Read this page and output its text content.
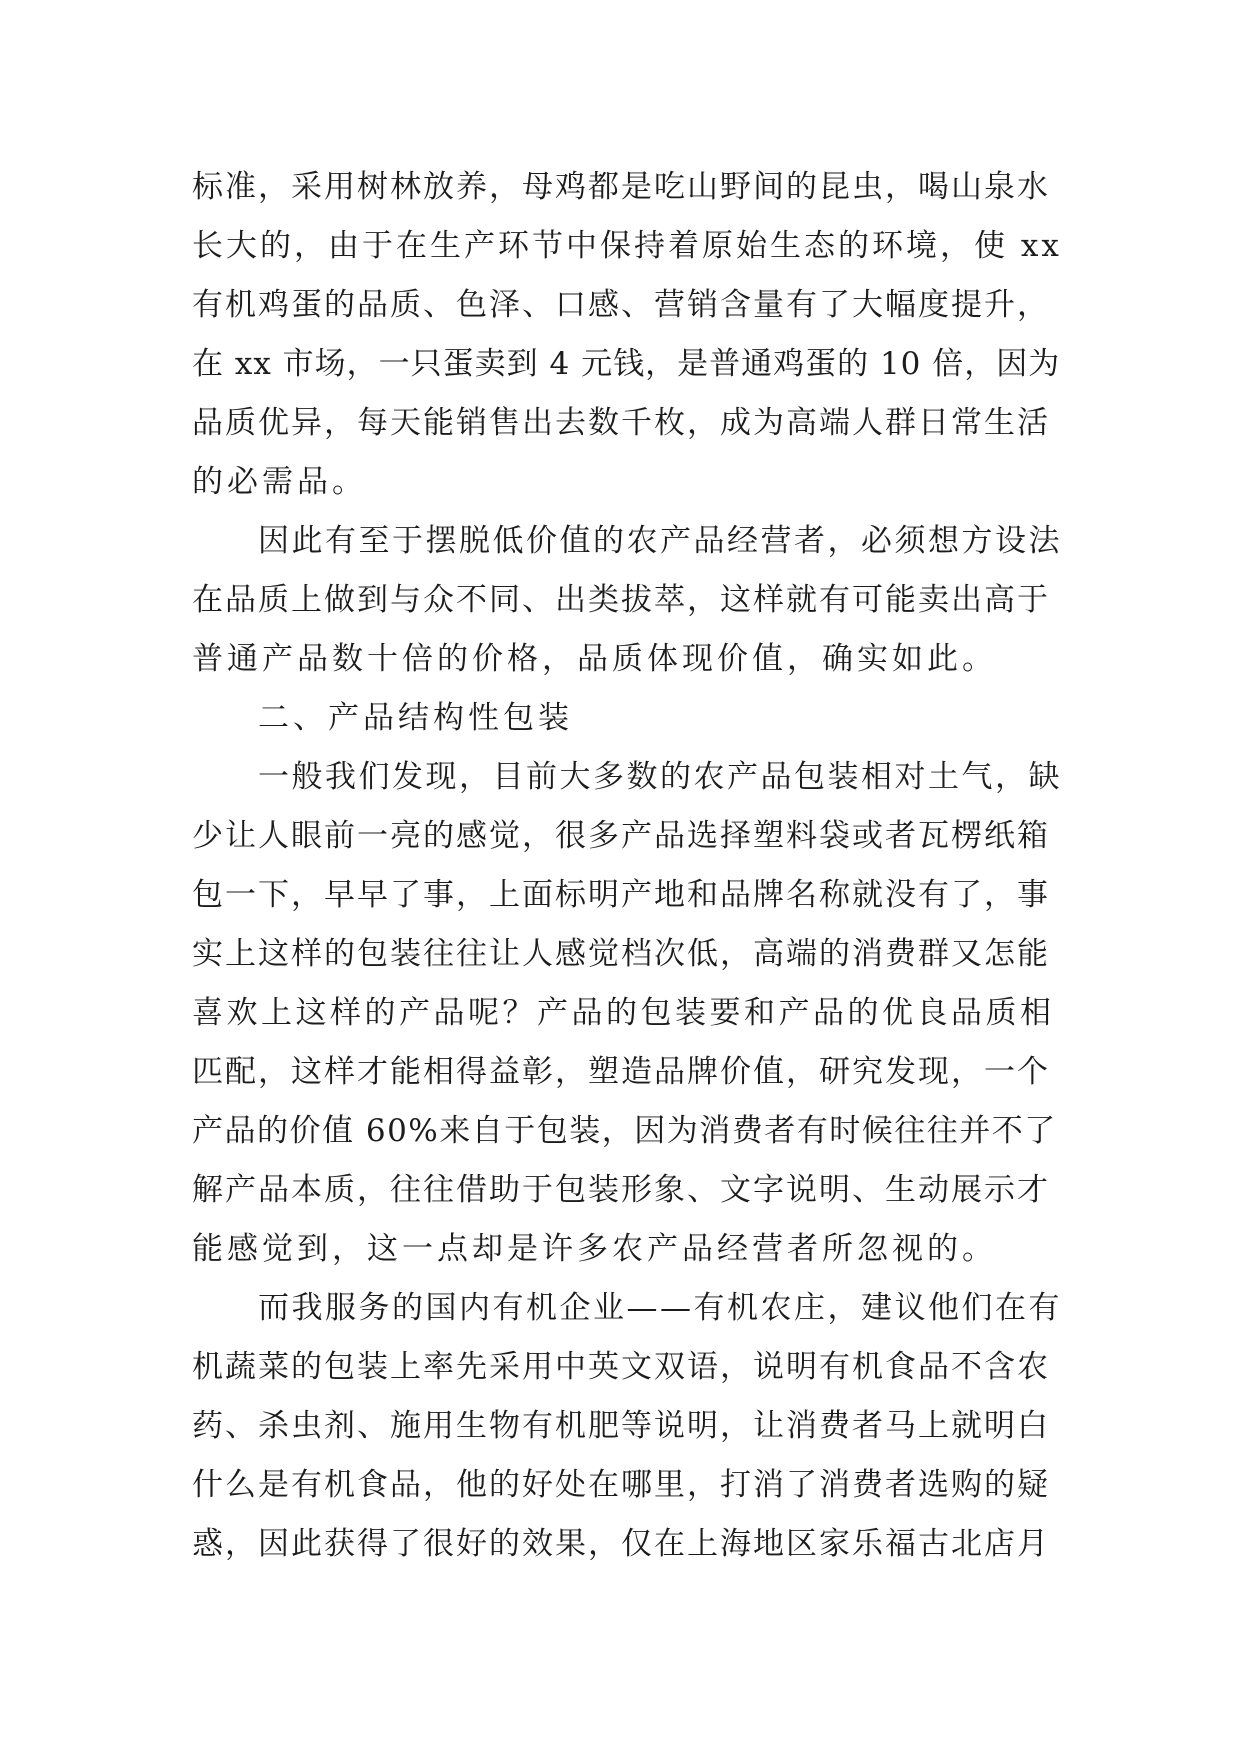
标准，采用树林放养，母鸡都是吃山野间的昆虫，喝山泉水
长大的，由于在生产环节中保持着原始生态的环境，使 xx
有机鸡蛋的品质、色泽、口感、营销含量有了大幅度提升，
在 xx 市场，一只蛋卖到 4 元钱，是普通鸡蛋的 10 倍，因为
品质优异，每天能销售出去数千枚，成为高端人群日常生活
的必需品。
因此有至于摆脱低价值的农产品经营者，必须想方设法
在品质上做到与众不同、出类拔萃，这样就有可能卖出高于
普通产品数十倍的价格，品质体现价值，确实如此。
二、产品结构性包装
一般我们发现，目前大多数的农产品包装相对土气，缺
少让人眼前一亮的感觉，很多产品选择塑料袋或者瓦楞纸箱
包一下，早早了事，上面标明产地和品牌名称就没有了，事
实上这样的包装往往让人感觉档次低，高端的消费群又怎能
喜欢上这样的产品呢？产品的包装要和产品的优良品质相
匹配，这样才能相得益彰，塑造品牌价值，研究发现，一个
产品的价值 60%来自于包装，因为消费者有时候往往并不了
解产品本质，往往借助于包装形象、文字说明、生动展示才
能感觉到，这一点却是许多农产品经营者所忽视的。
而我服务的国内有机企业——有机农庄，建议他们在有
机蔬菜的包装上率先采用中英文双语，说明有机食品不含农
药、杀虫剂、施用生物有机肥等说明，让消费者马上就明白
什么是有机食品，他的好处在哪里，打消了消费者选购的疑
惑，因此获得了很好的效果，仅在上海地区家乐福古北店月
